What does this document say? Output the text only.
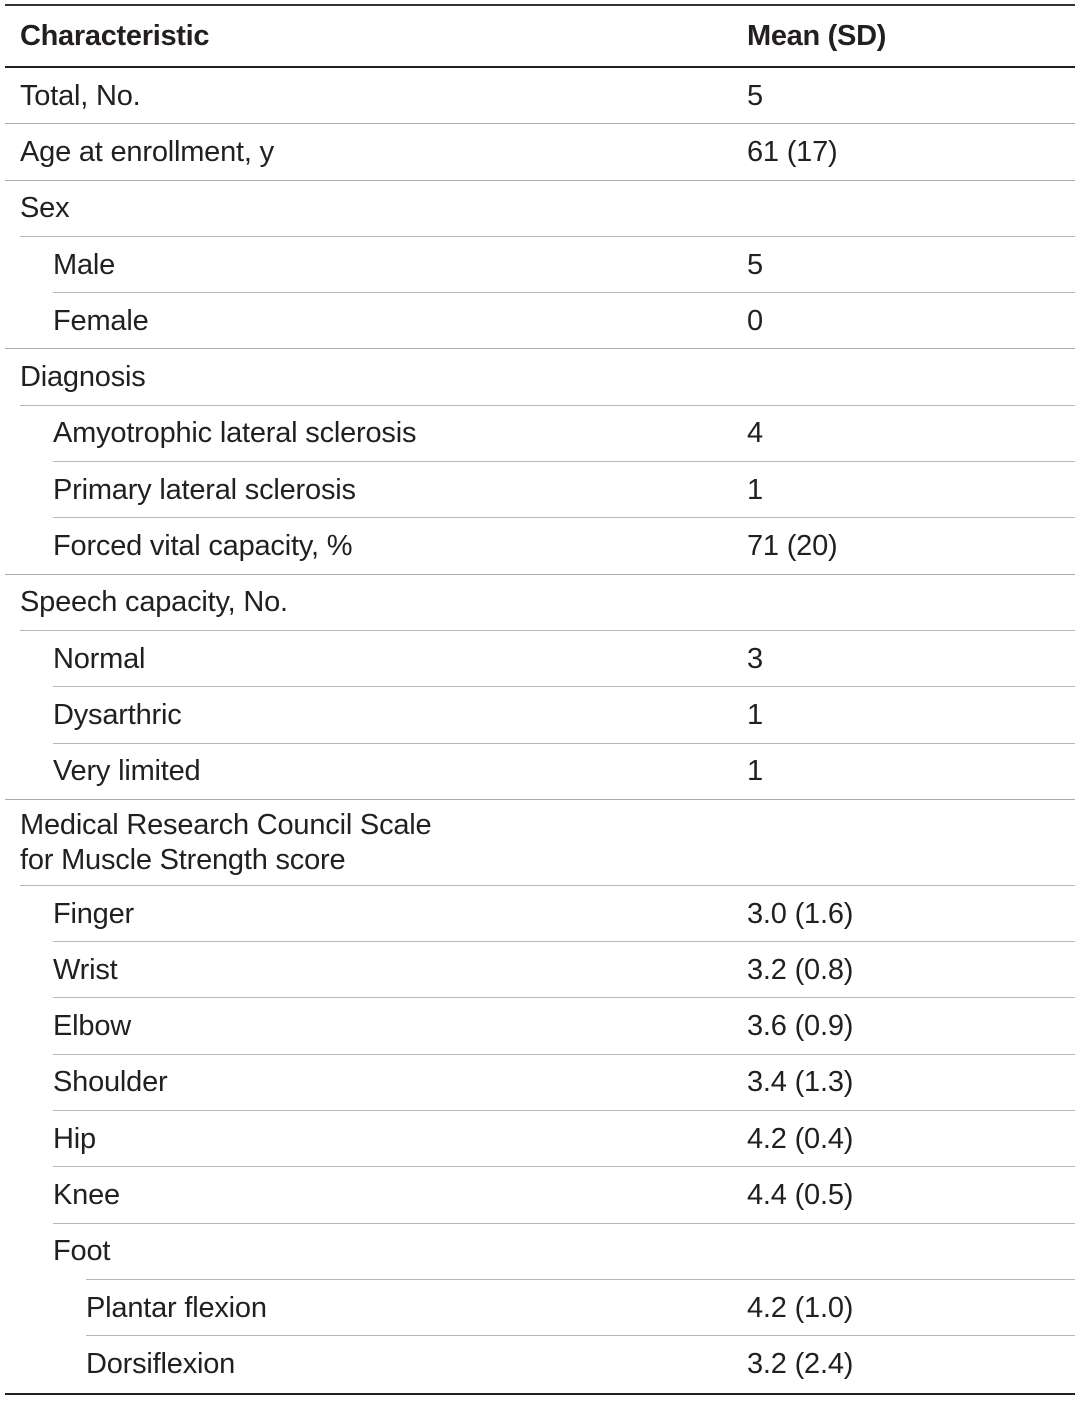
Characteristic	Mean (SD)
Total, No.	5
Age at enrollment, y	61 (17)
Sex
Male	5
Female	0
Diagnosis
Amyotrophic lateral sclerosis	4
Primary lateral sclerosis	1
Forced vital capacity, %	71 (20)
Speech capacity, No.
Normal	3
Dysarthric	1
Very limited	1
Medical Research Council Scale
for Muscle Strength score
Finger	3.0 (1.6)
Wrist	3.2 (0.8)
Elbow	3.6 (0.9)
Shoulder	3.4 (1.3)
Hip	4.2 (0.4)
Knee	4.4 (0.5)
Foot
Plantar flexion	4.2 (1.0)
Dorsiflexion	3.2 (2.4)
